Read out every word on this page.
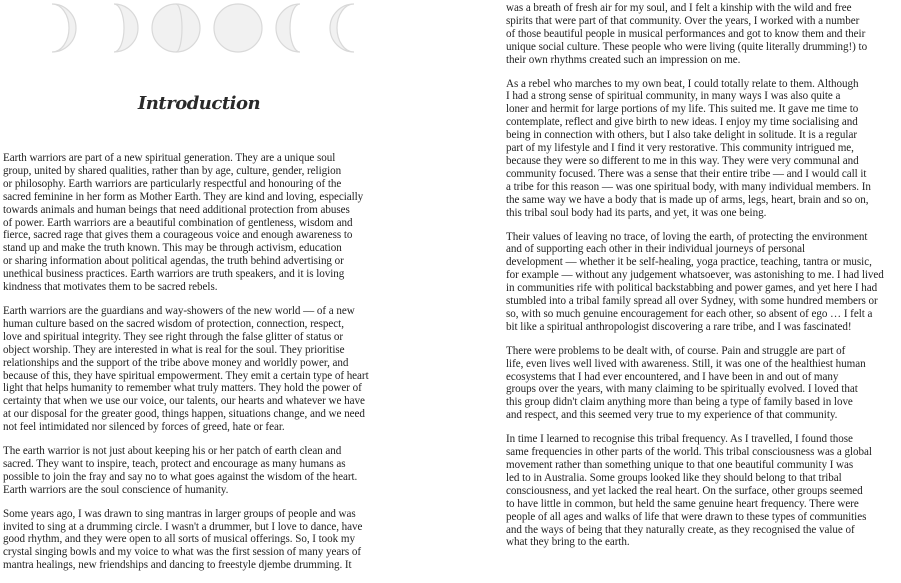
Introduction

Earth warriors are part of a new spiritual generation. They are a unique soul
group, united by shared qualities, rather than by age, culture, gender, religion
or philosophy. Earth warriors are particularly respectful and honouring of the
sacred feminine in her form as Mother Earth. They are kind and loving, especially
towards animals and human beings that need additional protection from abuses
of power. Earth warriors are a beautiful combination of gentleness, wisdom and
fierce, sacred rage that gives them a courageous voice and enough awareness to
stand up and make the truth known. This may be through activism, education
or sharing information about political agendas, the truth behind advertising or
unethical business practices. Earth warriors are truth speakers, and it is loving
kindness that motivates them to be sacred rebels.

Earth warriors are the guardians and way-showers of the new world — of a new
human culture based on the sacred wisdom of protection, connection, respect,
love and spiritual integrity. They see right through the false glitter of status or
object worship. They are interested in what is real for the soul. They prioritise
relationships and the support of the tribe above money and worldly power, and
because of this, they have spiritual empowerment. They emit a certain type of heart
light that helps humanity to remember what truly matters. They hold the power of
certainty that when we use our voice, our talents, our hearts and whatever we have
at our disposal for the greater good, things happen, situations change, and we need
not feel intimidated nor silenced by forces of greed, hate or fear.

The earth warrior is not just about keeping his or her patch of earth clean and
sacred. They want to inspire, teach, protect and encourage as many humans as
possible to join the fray and say no to what goes against the wisdom of the heart.
Earth warriors are the soul conscience of humanity.

Some years ago, I was drawn to sing mantras in larger groups of people and was
invited to sing at a drumming circle. I wasn't a drummer, but I love to dance, have
good rhythm, and they were open to all sorts of musical offerings. So, I took my
crystal singing bowls and my voice to what was the first session of many years of
mantra healings, new friendships and dancing to freestyle djembe drumming. It

was a breath of fresh air for my soul, and I felt a kinship with the wild and free
spirits that were part of that community. Over the years, I worked with a number
of those beautiful people in musical performances and got to know them and their
unique social culture. These people who were living (quite literally drumming!) to
their own rhythms created such an impression on me.

As a rebel who marches to my own beat, I could totally relate to them. Although
I had a strong sense of spiritual community, in many ways I was also quite a
loner and hermit for large portions of my life. This suited me. It gave me time to
contemplate, reflect and give birth to new ideas. I enjoy my time socialising and
being in connection with others, but I also take delight in solitude. It is a regular
part of my lifestyle and I find it very restorative. This community intrigued me,
because they were so different to me in this way. They were very communal and
community focused. There was a sense that their entire tribe — and I would call it
a tribe for this reason — was one spiritual body, with many individual members. In
the same way we have a body that is made up of arms, legs, heart, brain and so on,
this tribal soul body had its parts, and yet, it was one being.

Their values of leaving no trace, of loving the earth, of protecting the environment
and of supporting each other in their individual journeys of personal
development — whether it be self-healing, yoga practice, teaching, tantra or music,
for example — without any judgement whatsoever, was astonishing to me. I had lived
in communities rife with political backstabbing and power games, and yet here I had
stumbled into a tribal family spread all over Sydney, with some hundred members or
so, with so much genuine encouragement for each other, so absent of ego … I felt a
bit like a spiritual anthropologist discovering a rare tribe, and I was fascinated!

There were problems to be dealt with, of course. Pain and struggle are part of
life, even lives well lived with awareness. Still, it was one of the healthiest human
ecosystems that I had ever encountered, and I have been in and out of many
groups over the years, with many claiming to be spiritually evolved. I loved that
this group didn't claim anything more than being a type of family based in love
and respect, and this seemed very true to my experience of that community.

In time I learned to recognise this tribal frequency. As I travelled, I found those
same frequencies in other parts of the world. This tribal consciousness was a global
movement rather than something unique to that one beautiful community I was
led to in Australia. Some groups looked like they should belong to that tribal
consciousness, and yet lacked the real heart. On the surface, other groups seemed
to have little in common, but held the same genuine heart frequency. There were
people of all ages and walks of life that were drawn to these types of communities
and the ways of being that they naturally create, as they recognised the value of
what they bring to the earth.
